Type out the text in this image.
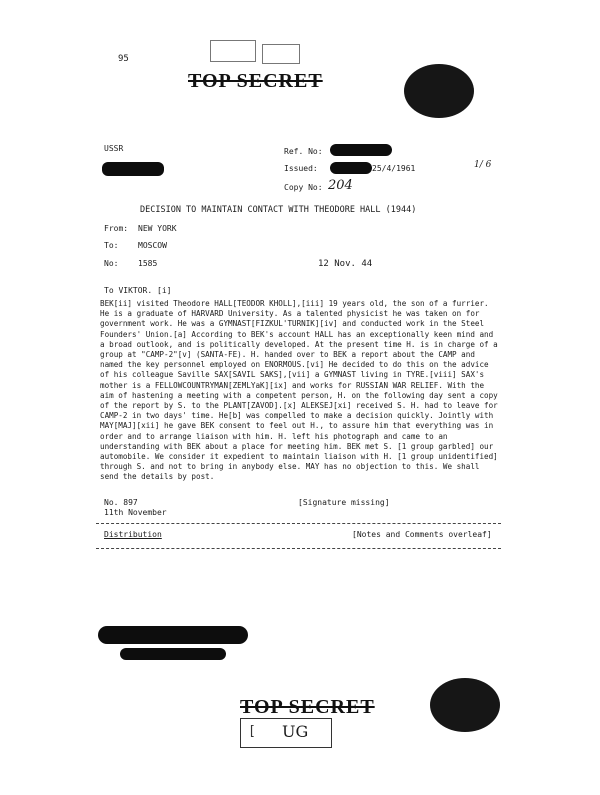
95
TOP SECRET
USSR	Ref. No:
Issued:	25/4/1961	1/ 6
Copy No: 204
DECISION TO MAINTAIN CONTACT WITH THEODORE HALL (1944)
From: NEW YORK
To: MOSCOW
No: 1585	12 Nov. 44
To VIKTOR. [i]

BEK[ii] visited Theodore HALL[TEODOR KHOLL],[iii] 19 years old, the son of a furrier. He is a graduate of HARVARD University. As a talented physicist he was taken on for government work. He was a GYMNAST[FIZKUL'TURNIK][iv] and conducted work in the Steel Founders' Union.[a] According to BEK's account HALL has an exceptionally keen mind and a broad outlook, and is politically developed. At the present time H. is in charge of a group at "CAMP-2"[v] (SANTA-FE). H. handed over to BEK a report about the CAMP and named the key personnel employed on ENORMOUS.[vi] He decided to do this on the advice of his colleague Saville SAX[SAVIL SAKS],[vii] a GYMNAST living in TYRE.[viii] SAX's mother is a FELLOWCOUNTRYMAN[ZEMLYaK][ix] and works for RUSSIAN WAR RELIEF. With the aim of hastening a meeting with a competent person, H. on the following day sent a copy of the report by S. to the PLANT[ZAVOD].[x] ALEKSEJ[xi] received S. H. had to leave for CAMP-2 in two days' time. He[b] was compelled to make a decision quickly. Jointly with MAY[MAJ][xii] he gave BEK consent to feel out H., to assure him that everything was in order and to arrange liaison with him. H. left his photograph and came to an understanding with BEK about a place for meeting him. BEK met S. [1 group garbled] our automobile. We consider it expedient to maintain liaison with H. [1 group unidentified] through S. and not to bring in anybody else. MAY has no objection to this. We shall send the details by post.

No. 897
11th November
[Signature missing]
Distribution	[Notes and Comments overleaf]
TOP SECRET
[ UG
